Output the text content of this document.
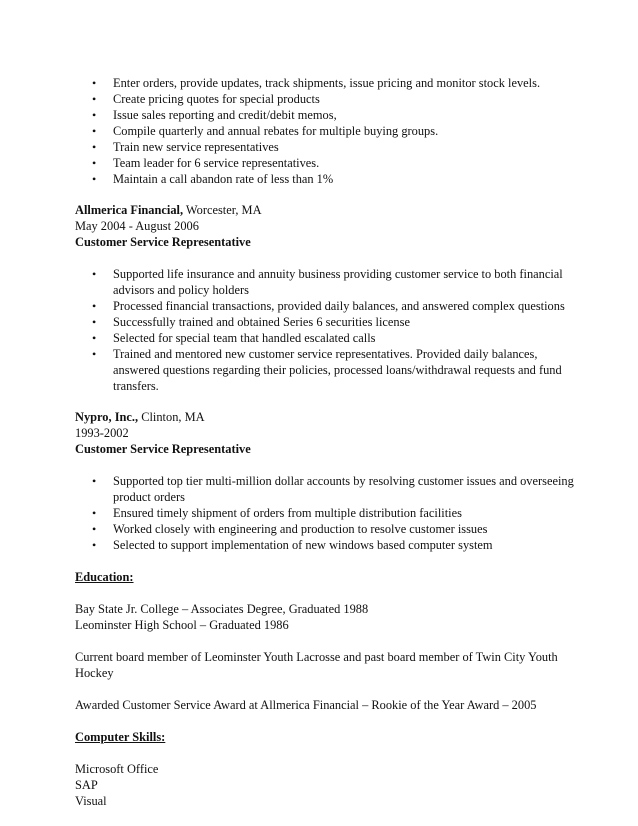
• Enter orders, provide updates, track shipments, issue pricing and monitor stock levels.
• Create pricing quotes for special products
• Issue sales reporting and credit/debit memos,
• Compile quarterly and annual rebates for multiple buying groups.
• Train new service representatives
• Team leader for 6 service representatives.
• Maintain a call abandon rate of less than 1%
Allmerica Financial, Worcester, MA
May 2004 - August 2006
Customer Service Representative
• Supported life insurance and annuity business providing customer service to both financial advisors and policy holders
• Processed financial transactions, provided daily balances, and answered complex questions
• Successfully trained and obtained Series 6 securities license
• Selected for special team that handled escalated calls
• Trained and mentored new customer service representatives. Provided daily balances, answered questions regarding their policies, processed loans/withdrawal requests and fund transfers.
Nypro, Inc., Clinton, MA
1993-2002
Customer Service Representative
• Supported top tier multi-million dollar accounts by resolving customer issues and overseeing product orders
• Ensured timely shipment of orders from multiple distribution facilities
• Worked closely with engineering and production to resolve customer issues
• Selected to support implementation of new windows based computer system
Education:
Bay State Jr. College – Associates Degree, Graduated 1988
Leominster High School – Graduated 1986
Current board member of Leominster Youth Lacrosse and past board member of Twin City Youth Hockey
Awarded Customer Service Award at Allmerica Financial – Rookie of the Year Award – 2005
Computer Skills:
Microsoft Office
SAP
Visual
